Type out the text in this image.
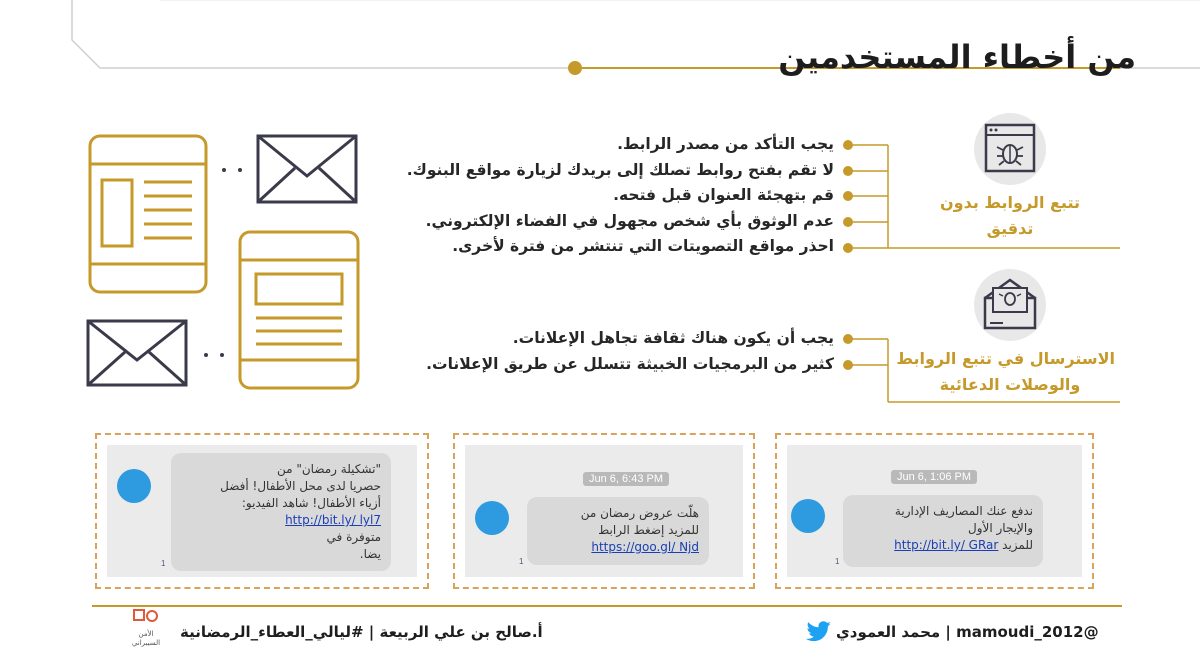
من أخطاء المستخدمين
يجب التأكد من مصدر الرابط.
لا تقم بفتح روابط تصلك إلى بريدك لزيارة مواقع البنوك.
قم بتهجئة العنوان قبل فتحه.
عدم الوثوق بأي شخص مجهول في الفضاء الإلكتروني.
احذر مواقع التصويتات التي تنتشر من فترة لأخرى.
يجب أن يكون هناك ثقافة تجاهل الإعلانات.
كثير من البرمجيات الخبيثة تتسلل عن طريق الإعلانات.
تتبع الروابط بدون
تدقيق
الاسترسال في تتبع الروابط
والوصلات الدعائية
"تشكيلة رمضان" من
حصريا لدى محل الأطفال! أفضل
أزياء الأطفال! شاهد الفيديو:
http://bit.ly/ lyl7
متوفرة في
يضا.
1
Jun 6, 6:43 PM
هلّت عروض رمضان من
للمزيد إضغط الرابط
https://goo.gl/ Njd
1
Jun 6, 1:06 PM
ندفع عنك المصاريف الإدارية
والإيجار الأول
للمزيد http://bit.ly/ GRar
1
الأمن
السيبراني
أ.صالح بن علي الربيعة | #ليالي_العطاء_الرمضانية	@mamoudi_2012 | محمد العمودي
